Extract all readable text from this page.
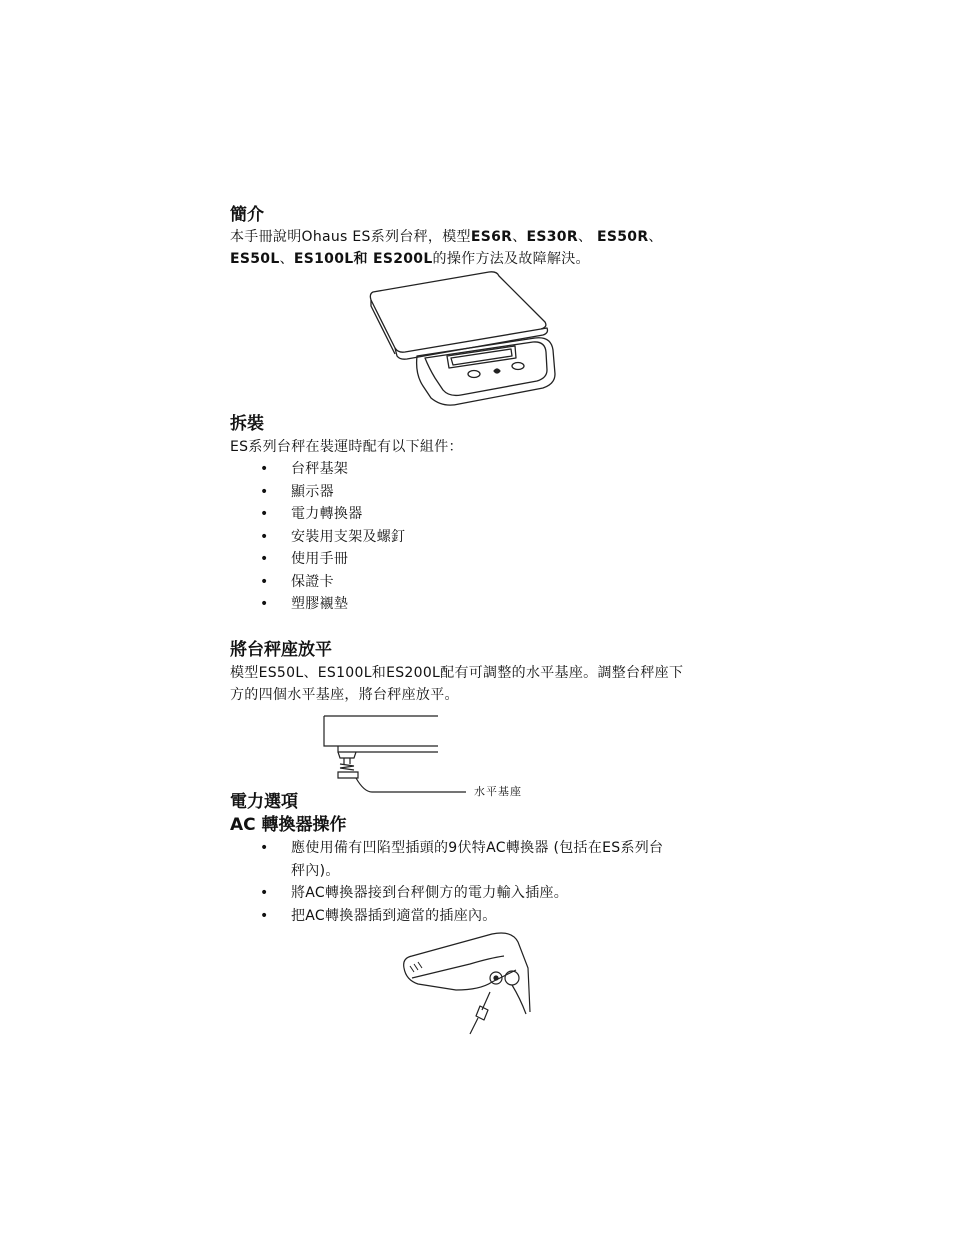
簡介
本手冊說明Ohaus ES系列台秤，模型ES6R、ES30R、 ES50R、
ES50L、ES100L和 ES200L的操作方法及故障解決。
拆裝
ES系列台秤在裝運時配有以下組件：
• 台秤基架
• 顯示器
• 電力轉換器
• 安裝用支架及螺釘
• 使用手冊
• 保證卡
• 塑膠襯墊
將台秤座放平
模型ES50L、ES100L和ES200L配有可調整的水平基座。調整台秤座下
方的四個水平基座，將台秤座放平。
水平基座
電力選項
AC 轉換器操作
• 應使用備有凹陷型插頭的9伏特AC轉換器 (包括在ES系列台
秤內)。
• 將AC轉換器接到台秤側方的電力輸入插座。
• 把AC轉換器插到適當的插座內。
